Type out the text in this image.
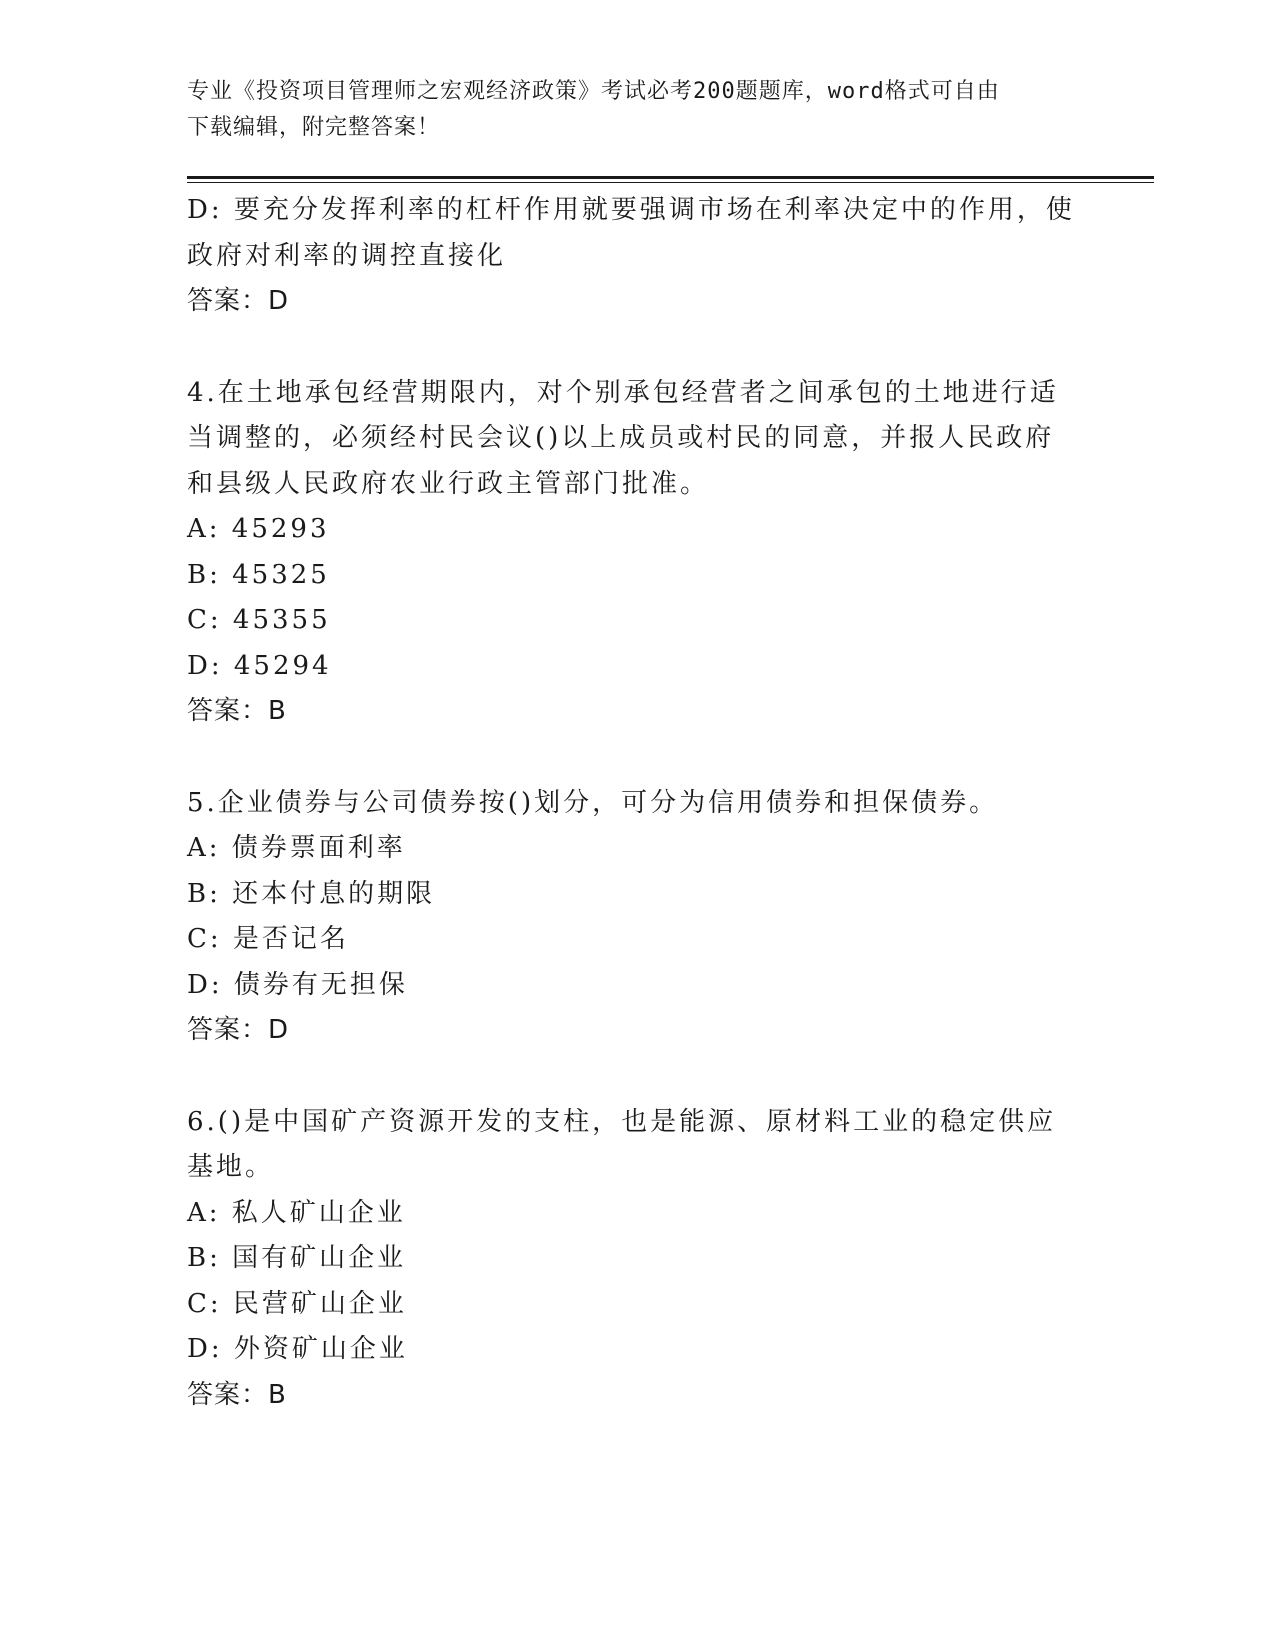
专业《投资项目管理师之宏观经济政策》考试必考200题题库，word格式可自由
下载编辑，附完整答案！

D: 要充分发挥利率的杠杆作用就要强调市场在利率决定中的作用，使

政府对利率的调控直接化

答案：D

4.在土地承包经营期限内，对个别承包经营者之间承包的土地进行适

当调整的，必须经村民会议()以上成员或村民的同意，并报人民政府

和县级人民政府农业行政主管部门批准。

A: 45293

B: 45325

C: 45355

D: 45294

答案：B

5.企业债券与公司债券按()划分，可分为信用债券和担保债券。

A: 债券票面利率

B: 还本付息的期限

C: 是否记名

D: 债券有无担保

答案：D

6.()是中国矿产资源开发的支柱，也是能源、原材料工业的稳定供应

基地。

A: 私人矿山企业

B: 国有矿山企业

C: 民营矿山企业

D: 外资矿山企业

答案：B
